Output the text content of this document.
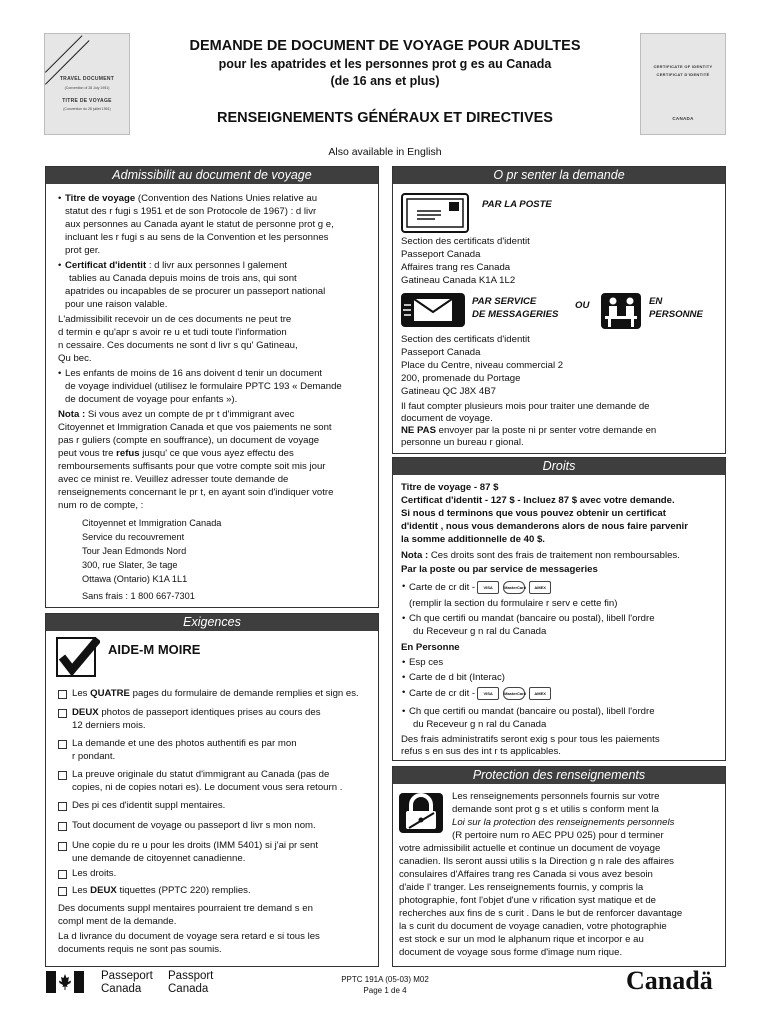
TRAVEL DOCUMENT
(Convention of 28 July 1951)
TITRE DE VOYAGE
(Convention du 28 juillet 1951)
CERTIFICATE OF IDENTITY
CERTIFICAT D'IDENTITÉ
CANADA
DEMANDE DE DOCUMENT DE VOYAGE POUR ADULTES
pour les apatrides et les personnes prot g es au Canada
(de 16 ans et plus)
RENSEIGNEMENTS GÉNÉRAUX ET DIRECTIVES
Also available in English
Admissibilit au document de voyage
• Titre de voyage (Convention des Nations Unies relative au
statut des r fugi s 1951 et de son Protocole de 1967) : d livr
aux personnes au Canada ayant le statut de personne prot g e,
incluant les r fugi s au sens de la Convention et les personnes
prot ger.
• Certificat d'identit : d livr aux personnes l galement
tablies au Canada depuis moins de trois ans, qui sont
apatrides ou incapables de se procurer un passeport national
pour une raison valable.
L'admissibilit recevoir un de ces documents ne peut tre
d termin e qu'apr s avoir re u et tudi toute l'information
n cessaire. Ces documents ne sont d livr s qu' Gatineau,
Qu bec.
• Les enfants de moins de 16 ans doivent d tenir un document
de voyage individuel (utilisez le formulaire PPTC 193 « Demande
de document de voyage pour enfants »).
Nota : Si vous avez un compte de pr t d'immigrant avec
Citoyennet et Immigration Canada et que vos paiements ne sont
pas r guliers (compte en souffrance), un document de voyage
peut vous tre refus jusqu' ce que vous ayez effectu des
remboursements suffisants pour que votre compte soit mis jour
avec ce minist re. Veuillez adresser toute demande de
renseignements concernant le pr t, en ayant soin d'indiquer votre
num ro de compte, :
Citoyennet et Immigration Canada
Service du recouvrement
Tour Jean Edmonds Nord
300, rue Slater, 3e tage
Ottawa (Ontario) K1A 1L1
Sans frais : 1 800 667-7301
Exigences
AIDE-M MOIRE
Les QUATRE pages du formulaire de demande remplies et sign es.
DEUX photos de passeport identiques prises au cours des
12 derniers mois.
La demande et une des photos authentifi es par mon
r pondant.
La preuve originale du statut d'immigrant au Canada (pas de
copies, ni de copies notari es). Le document vous sera retourn .
Des pi ces d'identit suppl mentaires.
Tout document de voyage ou passeport d livr s mon nom.
Une copie du re u pour les droits (IMM 5401) si j'ai pr sent
une demande de citoyennet canadienne.
Les droits.
Les DEUX tiquettes (PPTC 220) remplies.
Des documents suppl mentaires pourraient tre demand s en
compl ment de la demande.
La d livrance du document de voyage sera retard e si tous les
documents requis ne sont pas soumis.
O pr senter la demande
PAR LA POSTE
Section des certificats d'identit
Passeport Canada
Affaires trang res Canada
Gatineau Canada K1A 1L2
PAR SERVICE
DE MESSAGERIES
OU	EN
PERSONNE
Section des certificats d'identit
Passeport Canada
Place du Centre, niveau commercial 2
200, promenade du Portage
Gatineau QC J8X 4B7
Il faut compter plusieurs mois pour traiter une demande de
document de voyage.
NE PAS envoyer par la poste ni pr senter votre demande en
personne un bureau r gional.
Droits
Titre de voyage - 87 $
Certificat d'identit - 127 $ - Incluez 87 $ avec votre demande.
Si nous d terminons que vous pouvez obtenir un certificat
d'identit , nous vous demanderons alors de nous faire parvenir
la somme additionnelle de 40 $.
Nota : Ces droits sont des frais de traitement non remboursables.
Par la poste ou par service de messageries
• Carte de cr dit - VISA	MasterCard AMEX
(remplir la section du formulaire r serv e cette fin)
• Ch que certifi ou mandat (bancaire ou postal), libell l'ordre
du Receveur g n ral du Canada
En Personne
• Esp ces
• Carte de d bit (Interac)
• Carte de cr dit - VISA	MasterCard AMEX
• Ch que certifi ou mandat (bancaire ou postal), libell l'ordre
du Receveur g n ral du Canada
Des frais administratifs seront exig s pour tous les paiements
refus s en sus des int r ts applicables.
Protection des renseignements
Les renseignements personnels fournis sur votre
demande sont prot g s et utilis s conform ment la
Loi sur la protection des renseignements personnels
(R pertoire num ro AEC PPU 025) pour d terminer
votre admissibilit actuelle et continue un document de voyage
canadien. Ils seront aussi utilis s la Direction g n rale des affaires
consulaires d'Affaires trang res Canada si vous avez besoin
d'aide l' tranger. Les renseignements fournis, y compris la
photographie, font l'objet d'une v rification syst matique et de
recherches aux fins de s curit . Dans le but de renforcer davantage
la s curit du document de voyage canadien, votre photographie
est stock e sur un mod le alphanum rique et incorpor e au
document de voyage sous forme d'image num rique.
Passeport
Canada
Passport
Canada
PPTC 191A (05-03) M02
Page 1 de 4	Canadä
